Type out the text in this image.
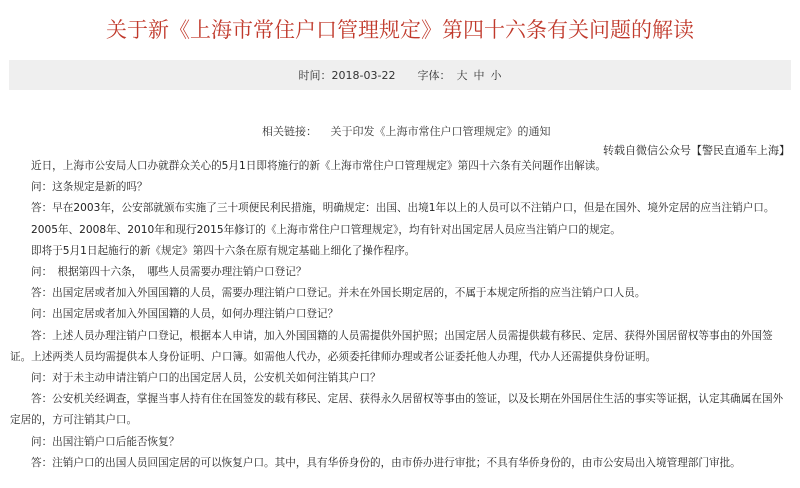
关于新《上海市常住户口管理规定》第四十六条有关问题的解读
时间： 2018-03-22 字体： 大 中 小
相关链接： 关于印发《上海市常住户口管理规定》的通知
转载自微信公众号【警民直通车上海】

近日，上海市公安局人口办就群众关心的5月1日即将施行的新《上海市常住户口管理规定》第四十六条有关问题作出解读。

问：这条规定是新的吗？

答：早在2003年，公安部就颁布实施了三十项便民利民措施，明确规定：出国、出境1年以上的人员可以不注销户口，但是在国外、境外定居的应当注销户口。

2005年、2008年、2010年和现行2015年修订的《上海市常住户口管理规定》，均有针对出国定居人员应当注销户口的规定。

即将于5月1日起施行的新《规定》第四十六条在原有规定基础上细化了操作程序。

问：　根据第四十六条，　哪些人员需要办理注销户口登记？

答：出国定居或者加入外国国籍的人员，需要办理注销户口登记。并未在外国长期定居的，不属于本规定所指的应当注销户口人员。

问：出国定居或者加入外国国籍的人员，如何办理注销户口登记？

答：上述人员办理注销户口登记，根据本人申请，加入外国国籍的人员需提供外国护照；出国定居人员需提供载有移民、定居、获得外国居留权等事由的外国签证。上述两类人员均需提供本人身份证明、户口簿。如需他人代办，必须委托律师办理或者公证委托他人办理，代办人还需提供身份证明。

问：对于未主动申请注销户口的出国定居人员，公安机关如何注销其户口？

答：公安机关经调查，掌握当事人持有住在国签发的载有移民、定居、获得永久居留权等事由的签证，以及长期在外国居住生活的事实等证据，认定其确属在国外定居的，方可注销其户口。

问：出国注销户口后能否恢复？

答：注销户口的出国人员回国定居的可以恢复户口。其中，具有华侨身份的，由市侨办进行审批；不具有华侨身份的，由市公安局出入境管理部门审批。
